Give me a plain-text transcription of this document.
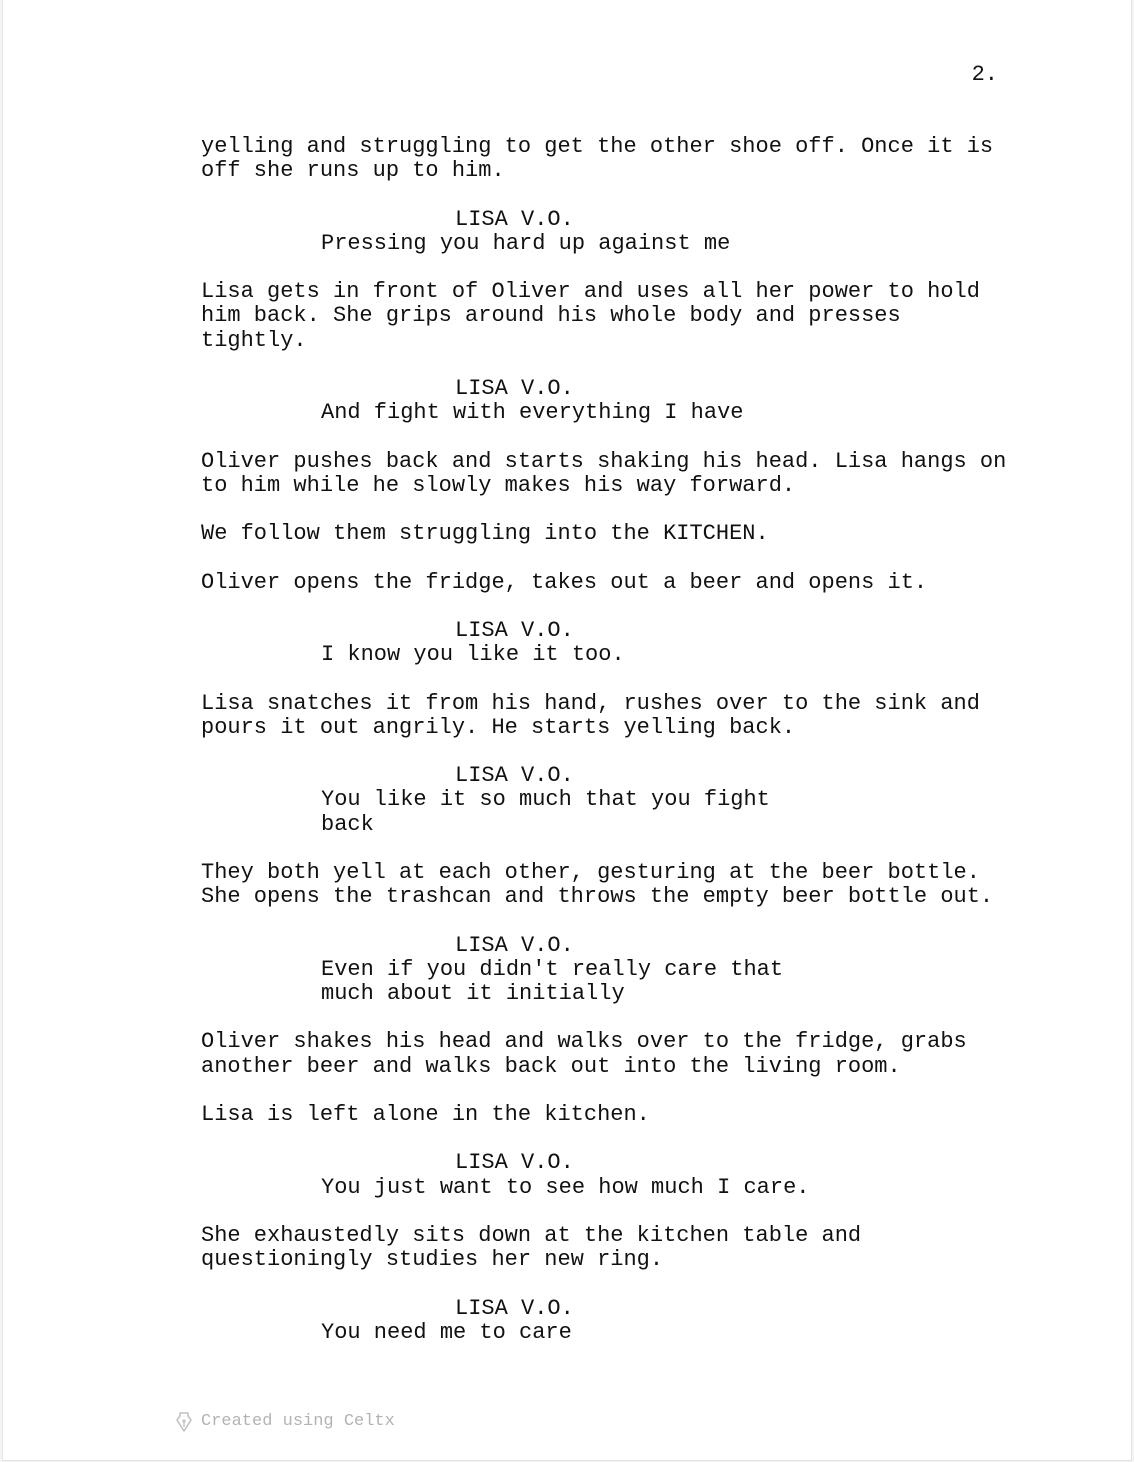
2.

yelling and struggling to get the other shoe off. Once it is
off she runs up to him.

LISA V.O.

Pressing you hard up against me

Lisa gets in front of Oliver and uses all her power to hold
him back. She grips around his whole body and presses
tightly.

LISA V.O.

And fight with everything I have

Oliver pushes back and starts shaking his head. Lisa hangs on
to him while he slowly makes his way forward.

We follow them struggling into the KITCHEN.

Oliver opens the fridge, takes out a beer and opens it.

LISA V.O.

I know you like it too.

Lisa snatches it from his hand, rushes over to the sink and
pours it out angrily. He starts yelling back.

LISA V.O.

You like it so much that you fight
back

They both yell at each other, gesturing at the beer bottle.
She opens the trashcan and throws the empty beer bottle out.

LISA V.O.

Even if you didn't really care that
much about it initially

Oliver shakes his head and walks over to the fridge, grabs
another beer and walks back out into the living room.

Lisa is left alone in the kitchen.

LISA V.O.

You just want to see how much I care.

She exhaustedly sits down at the kitchen table and
questioningly studies her new ring.

LISA V.O.

You need me to care

Created using Celtx
